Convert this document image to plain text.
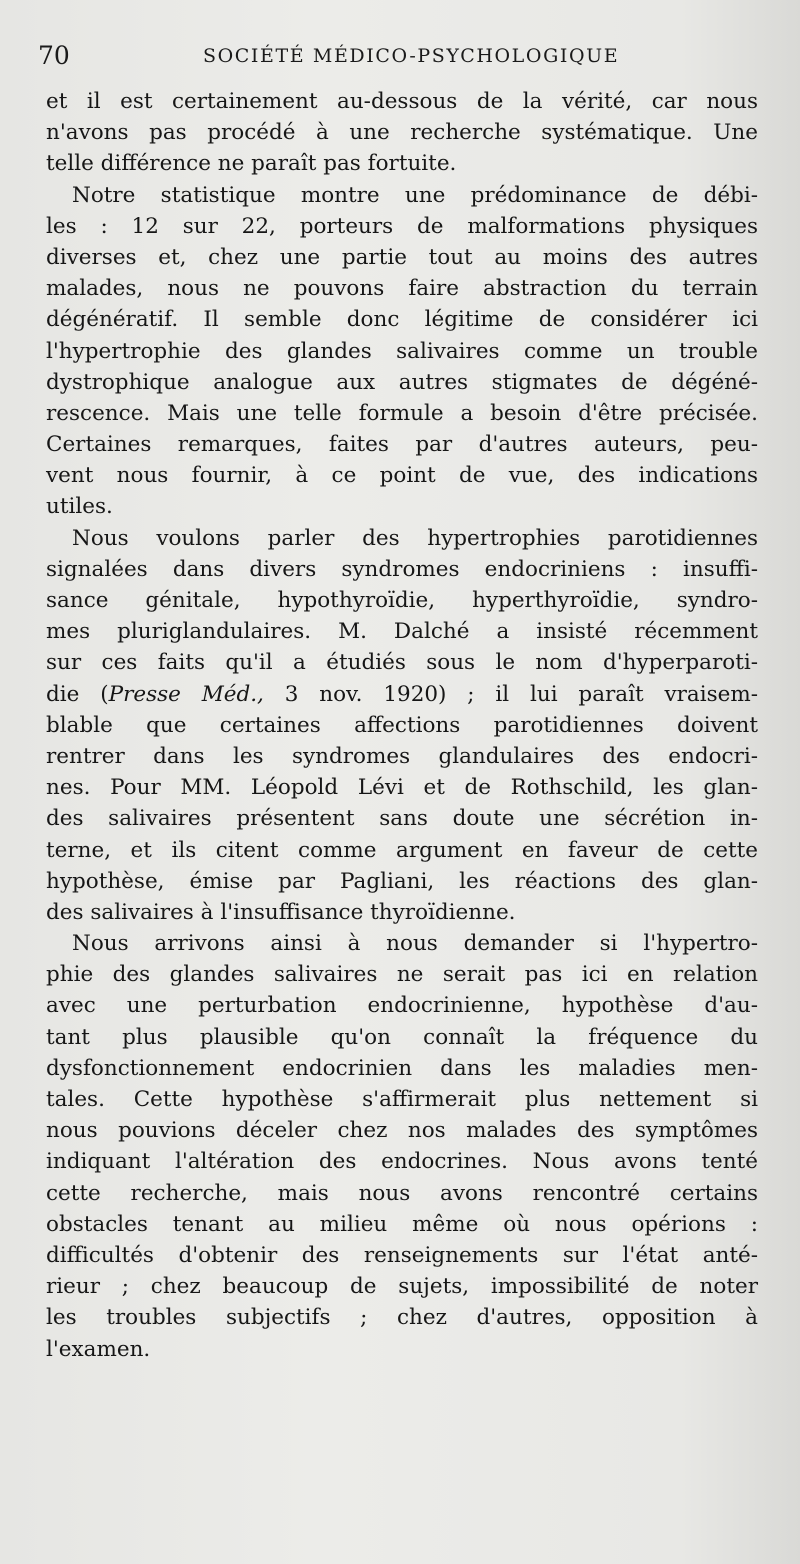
70	SOCIÉTÉ MÉDICO-PSYCHOLOGIQUE
et il est certainement au-dessous de la vérité, car nous
n'avons pas procédé à une recherche systématique. Une
telle différence ne paraît pas fortuite.
Notre statistique montre une prédominance de débi-
les : 12 sur 22, porteurs de malformations physiques
diverses et, chez une partie tout au moins des autres
malades, nous ne pouvons faire abstraction du terrain
dégénératif. Il semble donc légitime de considérer ici
l'hypertrophie des glandes salivaires comme un trouble
dystrophique analogue aux autres stigmates de dégéné-
rescence. Mais une telle formule a besoin d'être précisée.
Certaines remarques, faites par d'autres auteurs, peu-
vent nous fournir, à ce point de vue, des indications
utiles.
Nous voulons parler des hypertrophies parotidiennes
signalées dans divers syndromes endocriniens : insuffi-
sance génitale, hypothyroïdie, hyperthyroïdie, syndro-
mes pluriglandulaires. M. Dalché a insisté récemment
sur ces faits qu'il a étudiés sous le nom d'hyperparoti-
die (Presse Méd., 3 nov. 1920) ; il lui paraît vraisem-
blable que certaines affections parotidiennes doivent
rentrer dans les syndromes glandulaires des endocri-
nes. Pour MM. Léopold Lévi et de Rothschild, les glan-
des salivaires présentent sans doute une sécrétion in-
terne, et ils citent comme argument en faveur de cette
hypothèse, émise par Pagliani, les réactions des glan-
des salivaires à l'insuffisance thyroïdienne.
Nous arrivons ainsi à nous demander si l'hypertro-
phie des glandes salivaires ne serait pas ici en relation
avec une perturbation endocrinienne, hypothèse d'au-
tant plus plausible qu'on connaît la fréquence du
dysfonctionnement endocrinien dans les maladies men-
tales. Cette hypothèse s'affirmerait plus nettement si
nous pouvions déceler chez nos malades des symptômes
indiquant l'altération des endocrines. Nous avons tenté
cette recherche, mais nous avons rencontré certains
obstacles tenant au milieu même où nous opérions :
difficultés d'obtenir des renseignements sur l'état anté-
rieur ; chez beaucoup de sujets, impossibilité de noter
les troubles subjectifs ; chez d'autres, opposition à
l'examen.
